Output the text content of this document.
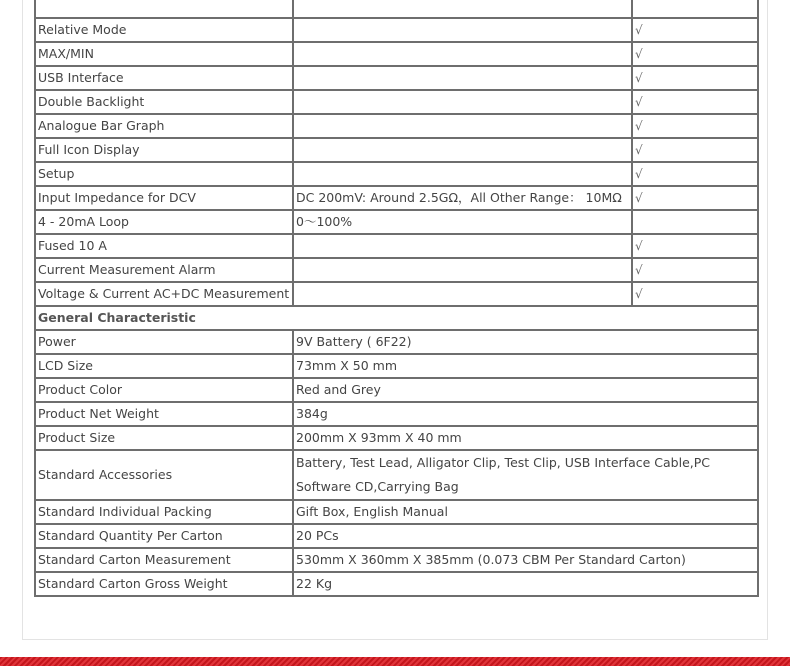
Relative Mode		√
MAX/MIN		√
USB Interface		√
Double Backlight		√
Analogue Bar Graph		√
Full Icon Display		√
Setup		√
Input Impedance for DCV	DC 200mV: Around 2.5GΩ，All Other Range： 10MΩ	√
4 - 20mA Loop	0～100%	
Fused 10 A		√
Current Measurement Alarm		√
Voltage & Current AC+DC Measurement		√
General Characteristic		
Power	9V Battery ( 6F22)	
LCD Size	73mm X 50 mm	
Product Color	Red and Grey	
Product Net Weight	384g	
Product Size	200mm X 93mm X 40 mm	
Standard Accessories	Battery, Test Lead, Alligator Clip, Test Clip, USB Interface Cable,PC Software CD,Carrying Bag	
Standard Individual Packing	Gift Box, English Manual	
Standard Quantity Per Carton	20 PCs	
Standard Carton Measurement	530mm X 360mm X 385mm (0.073 CBM Per Standard Carton)	
Standard Carton Gross Weight	22 Kg	
